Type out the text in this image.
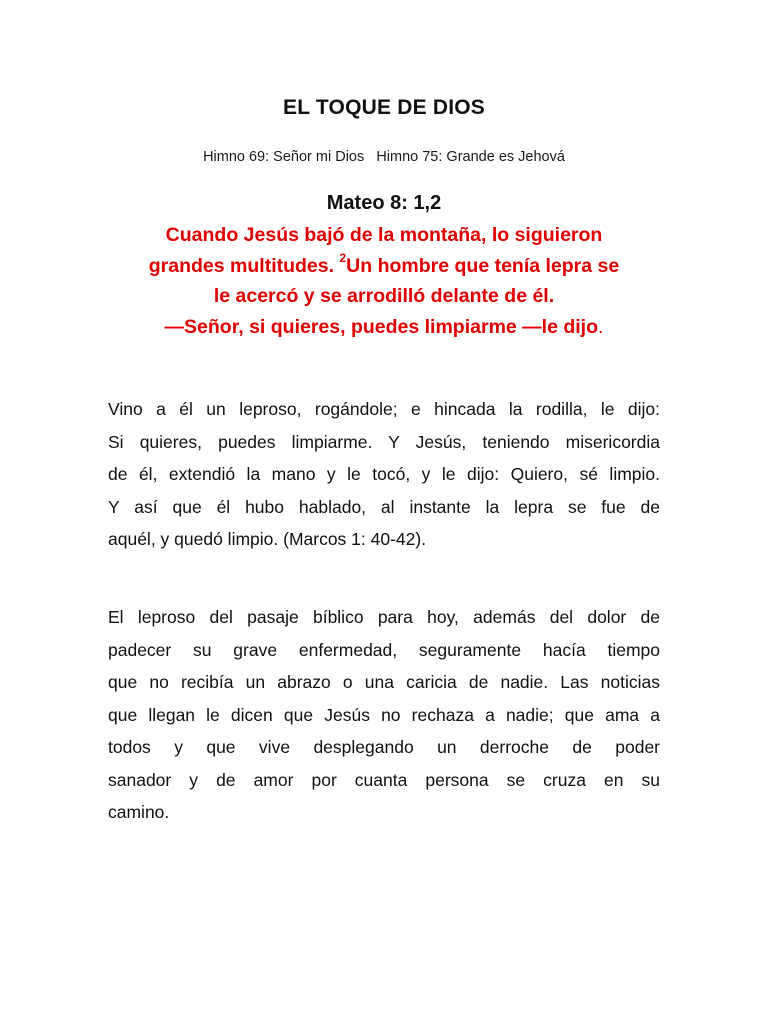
EL TOQUE DE DIOS
Himno 69: Señor mi Dios   Himno 75: Grande es Jehová
Mateo 8: 1,2
Cuando Jesús bajó de la montaña, lo siguieron
grandes multitudes. $^2$Un hombre que tenía lepra se
le acercó y se arrodilló delante de él.
—Señor, si quieres, puedes limpiarme —le dijo.
Vino a él un leproso, rogándole; e hincada la rodilla, le dijo:
Si quieres, puedes limpiarme. Y Jesús, teniendo misericordia
de él, extendió la mano y le tocó, y le dijo: Quiero, sé limpio.
Y así que él hubo hablado, al instante la lepra se fue de
aquél, y quedó limpio. (Marcos 1: 40-42).
El leproso del pasaje bíblico para hoy, además del dolor de
padecer su grave enfermedad, seguramente hacía tiempo
que no recibía un abrazo o una caricia de nadie. Las noticias
que llegan le dicen que Jesús no rechaza a nadie; que ama a
todos y que vive desplegando un derroche de poder
sanador y de amor por cuanta persona se cruza en su
camino.
